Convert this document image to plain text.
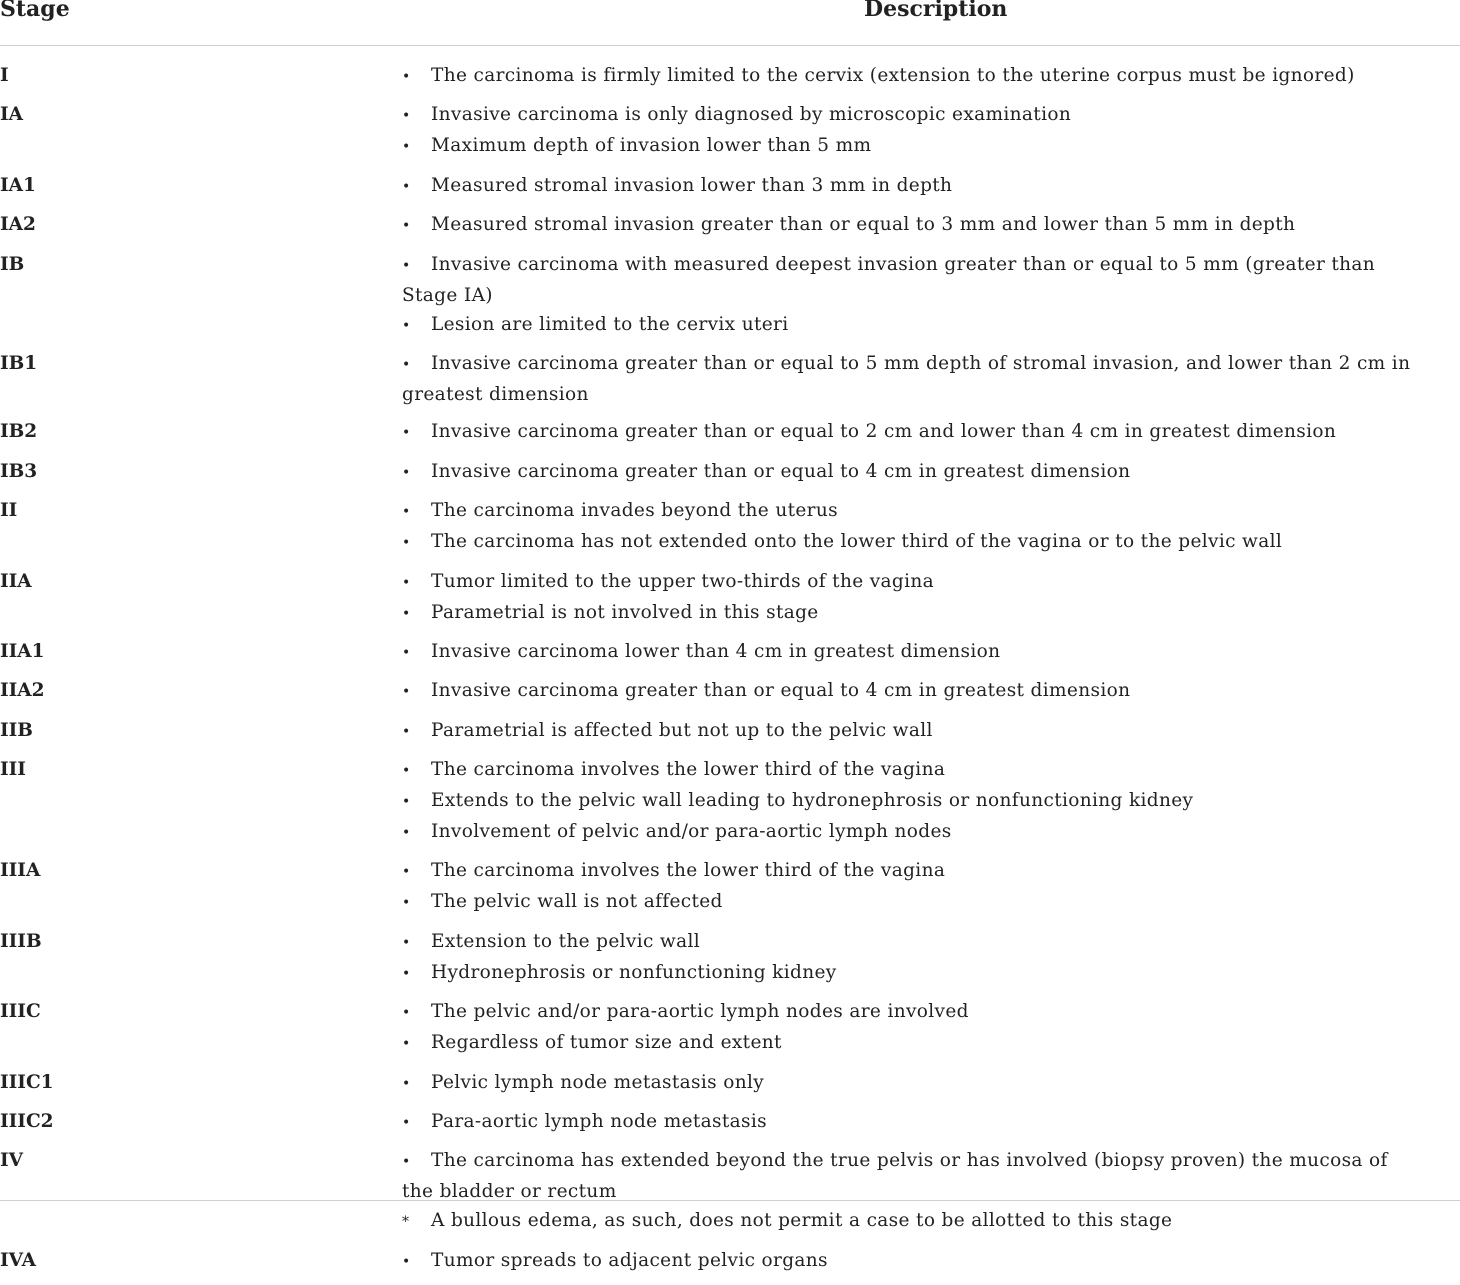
Stage	Description
I	• The carcinoma is firmly limited to the cervix (extension to the uterine corpus must be ignored)
IA	• Invasive carcinoma is only diagnosed by microscopic examination
• Maximum depth of invasion lower than 5 mm
IA1	• Measured stromal invasion lower than 3 mm in depth
IA2	• Measured stromal invasion greater than or equal to 3 mm and lower than 5 mm in depth
IB	• Invasive carcinoma with measured deepest invasion greater than or equal to 5 mm (greater than Stage IA)
• Lesion are limited to the cervix uteri
IB1	• Invasive carcinoma greater than or equal to 5 mm depth of stromal invasion, and lower than 2 cm in greatest dimension
IB2	• Invasive carcinoma greater than or equal to 2 cm and lower than 4 cm in greatest dimension
IB3	• Invasive carcinoma greater than or equal to 4 cm in greatest dimension
II	• The carcinoma invades beyond the uterus
• The carcinoma has not extended onto the lower third of the vagina or to the pelvic wall
IIA	• Tumor limited to the upper two-thirds of the vagina
• Parametrial is not involved in this stage
IIA1	• Invasive carcinoma lower than 4 cm in greatest dimension
IIA2	• Invasive carcinoma greater than or equal to 4 cm in greatest dimension
IIB	• Parametrial is affected but not up to the pelvic wall
III	• The carcinoma involves the lower third of the vagina
• Extends to the pelvic wall leading to hydronephrosis or nonfunctioning kidney
• Involvement of pelvic and/or para-aortic lymph nodes
IIIA	• The carcinoma involves the lower third of the vagina
• The pelvic wall is not affected
IIIB	• Extension to the pelvic wall
• Hydronephrosis or nonfunctioning kidney
IIIC	• The pelvic and/or para-aortic lymph nodes are involved
• Regardless of tumor size and extent
IIIC1	• Pelvic lymph node metastasis only
IIIC2	• Para-aortic lymph node metastasis
IV	• The carcinoma has extended beyond the true pelvis or has involved (biopsy proven) the mucosa of the bladder or rectum
* A bullous edema, as such, does not permit a case to be allotted to this stage
IVA	• Tumor spreads to adjacent pelvic organs
